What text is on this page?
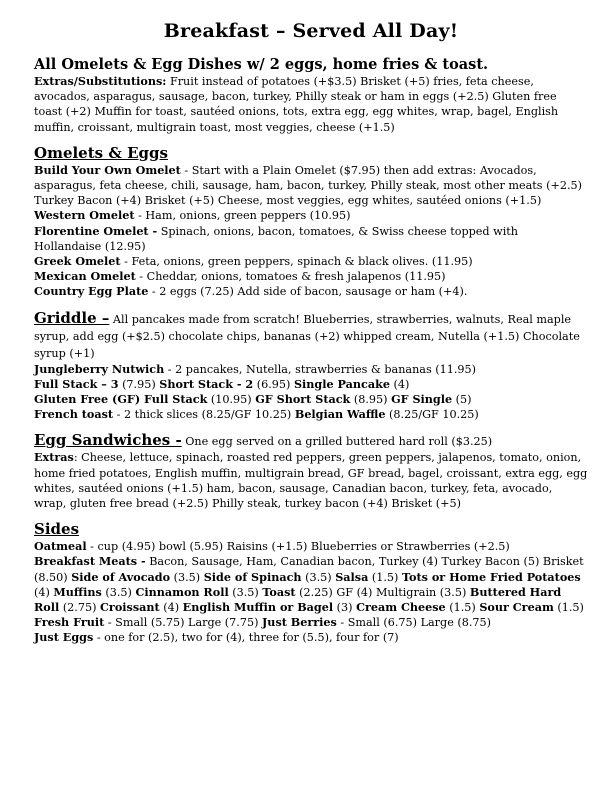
Breakfast – Served All Day!
All Omelets & Egg Dishes w/ 2 eggs, home fries & toast.

Extras/Substitutions: Fruit instead of potatoes (+$3.5) Brisket (+5) fries, feta cheese, avocados, asparagus, sausage, bacon, turkey, Philly steak or ham in eggs (+2.5) Gluten free toast (+2) Muffin for toast, sautéed onions, tots, extra egg, egg whites, wrap, bagel, English muffin, croissant, multigrain toast, most veggies, cheese (+1.5)

Omelets & Eggs

Build Your Own Omelet - Start with a Plain Omelet ($7.95) then add extras: Avocados, asparagus, feta cheese, chili, sausage, ham, bacon, turkey, Philly steak, most other meats (+2.5) Turkey Bacon (+4) Brisket (+5) Cheese, most veggies, egg whites, sautéed onions (+1.5)

Western Omelet - Ham, onions, green peppers (10.95)

Florentine Omelet - Spinach, onions, bacon, tomatoes, & Swiss cheese topped with Hollandaise (12.95)

Greek Omelet - Feta, onions, green peppers, spinach & black olives. (11.95)

Mexican Omelet - Cheddar, onions, tomatoes & fresh jalapenos (11.95)

Country Egg Plate - 2 eggs (7.25) Add side of bacon, sausage or ham (+4).

Griddle – All pancakes made from scratch! Blueberries, strawberries, walnuts, Real maple syrup, add egg (+$2.5) chocolate chips, bananas (+2) whipped cream, Nutella (+1.5) Chocolate syrup (+1)

Jungleberry Nutwich - 2 pancakes, Nutella, strawberries & bananas (11.95)

Full Stack – 3 (7.95) Short Stack - 2 (6.95) Single Pancake (4)

Gluten Free (GF) Full Stack (10.95) GF Short Stack (8.95) GF Single (5)

French toast - 2 thick slices (8.25/GF 10.25) Belgian Waffle (8.25/GF 10.25)

Egg Sandwiches - One egg served on a grilled buttered hard roll ($3.25)

Extras: Cheese, lettuce, spinach, roasted red peppers, green peppers, jalapenos, tomato, onion, home fried potatoes, English muffin, multigrain bread, GF bread, bagel, croissant, extra egg, egg whites, sautéed onions (+1.5) ham, bacon, sausage, Canadian bacon, turkey, feta, avocado, wrap, gluten free bread (+2.5) Philly steak, turkey bacon (+4) Brisket (+5)

Sides

Oatmeal - cup (4.95) bowl (5.95) Raisins (+1.5) Blueberries or Strawberries (+2.5)

Breakfast Meats - Bacon, Sausage, Ham, Canadian bacon, Turkey (4) Turkey Bacon (5) Brisket (8.50) Side of Avocado (3.5) Side of Spinach (3.5) Salsa (1.5) Tots or Home Fried Potatoes (4) Muffins (3.5) Cinnamon Roll (3.5) Toast (2.25) GF (4) Multigrain (3.5) Buttered Hard Roll (2.75) Croissant (4) English Muffin or Bagel (3) Cream Cheese (1.5) Sour Cream (1.5)

Fresh Fruit - Small (5.75) Large (7.75) Just Berries - Small (6.75) Large (8.75)

Just Eggs - one for (2.5), two for (4), three for (5.5), four for (7)
